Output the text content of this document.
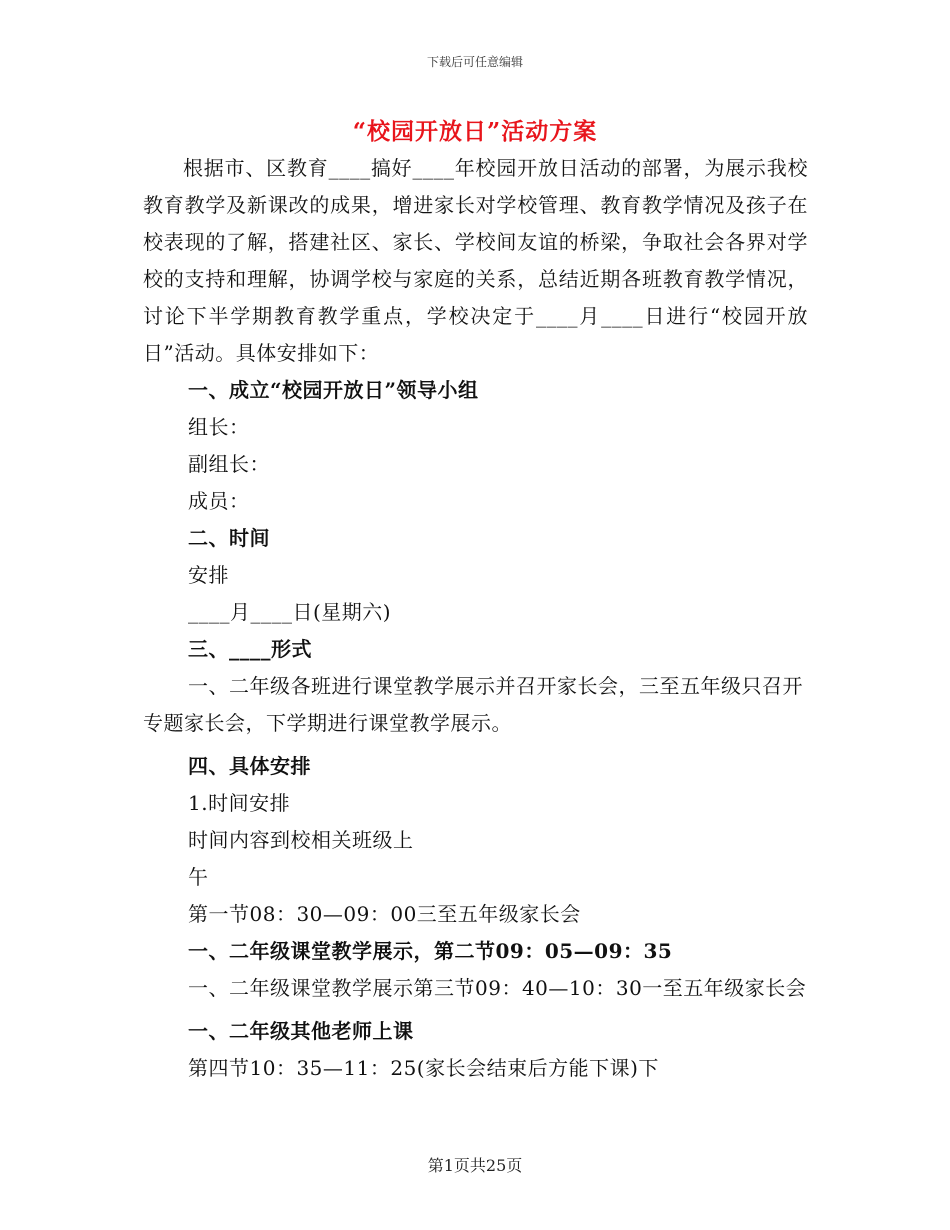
下载后可任意编辑
“校园开放日”活动方案

根据市、区教育____搞好____年校园开放日活动的部署，为展示我校教育教学及新课改的成果，增进家长对学校管理、教育教学情况及孩子在校表现的了解，搭建社区、家长、学校间友谊的桥梁，争取社会各界对学校的支持和理解，协调学校与家庭的关系，总结近期各班教育教学情况，讨论下半学期教育教学重点，学校决定于____月____日进行“校园开放日”活动。具体安排如下：

一、成立“校园开放日”领导小组
组长：
副组长：
成员：
二、时间
安排
____月____日(星期六)
三、____形式

一、二年级各班进行课堂教学展示并召开家长会，三至五年级只召开专题家长会，下学期进行课堂教学展示。

四、具体安排
1.时间安排
时间内容到校相关班级上
午
第一节08：30—09：00三至五年级家长会
一、二年级课堂教学展示，第二节09：05—09：35

一、二年级课堂教学展示第三节09：40—10：30一至五年级家长会

一、二年级其他老师上课
第四节10：35—11：25(家长会结束后方能下课)下
第1页共25页
